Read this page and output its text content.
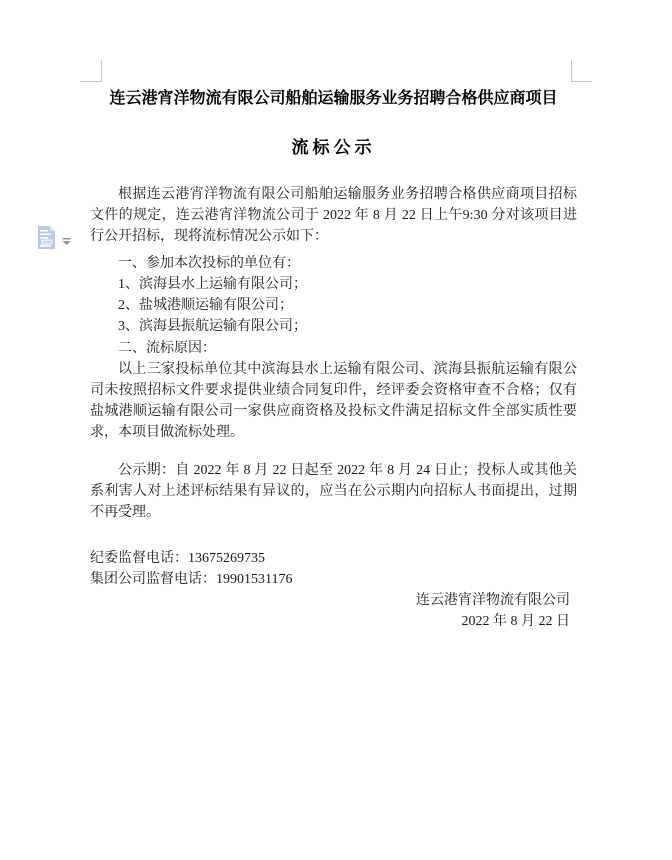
连云港宵洋物流有限公司船舶运输服务业务招聘合格供应商项目
流标公示

根据连云港宵洋物流有限公司船舶运输服务业务招聘合格供应商项目招标文件的规定，连云港宵洋物流公司于 2022 年 8 月 22 日上午9:30 分对该项目进行公开招标，现将流标情况公示如下：

一、参加本次投标的单位有：

1、滨海县水上运输有限公司；

2、盐城港顺运输有限公司；

3、滨海县振航运输有限公司；

二、流标原因：

以上三家投标单位其中滨海县水上运输有限公司、滨海县振航运输有限公司未按照招标文件要求提供业绩合同复印件，经评委会资格审查不合格；仅有盐城港顺运输有限公司一家供应商资格及投标文件满足招标文件全部实质性要求，本项目做流标处理。

公示期：自 2022 年 8 月 22 日起至 2022 年 8 月 24 日止；投标人或其他关系利害人对上述评标结果有异议的，应当在公示期内向招标人书面提出，过期不再受理。

纪委监督电话：13675269735

集团公司监督电话：19901531176

连云港宵洋物流有限公司
2022 年 8 月 22 日
